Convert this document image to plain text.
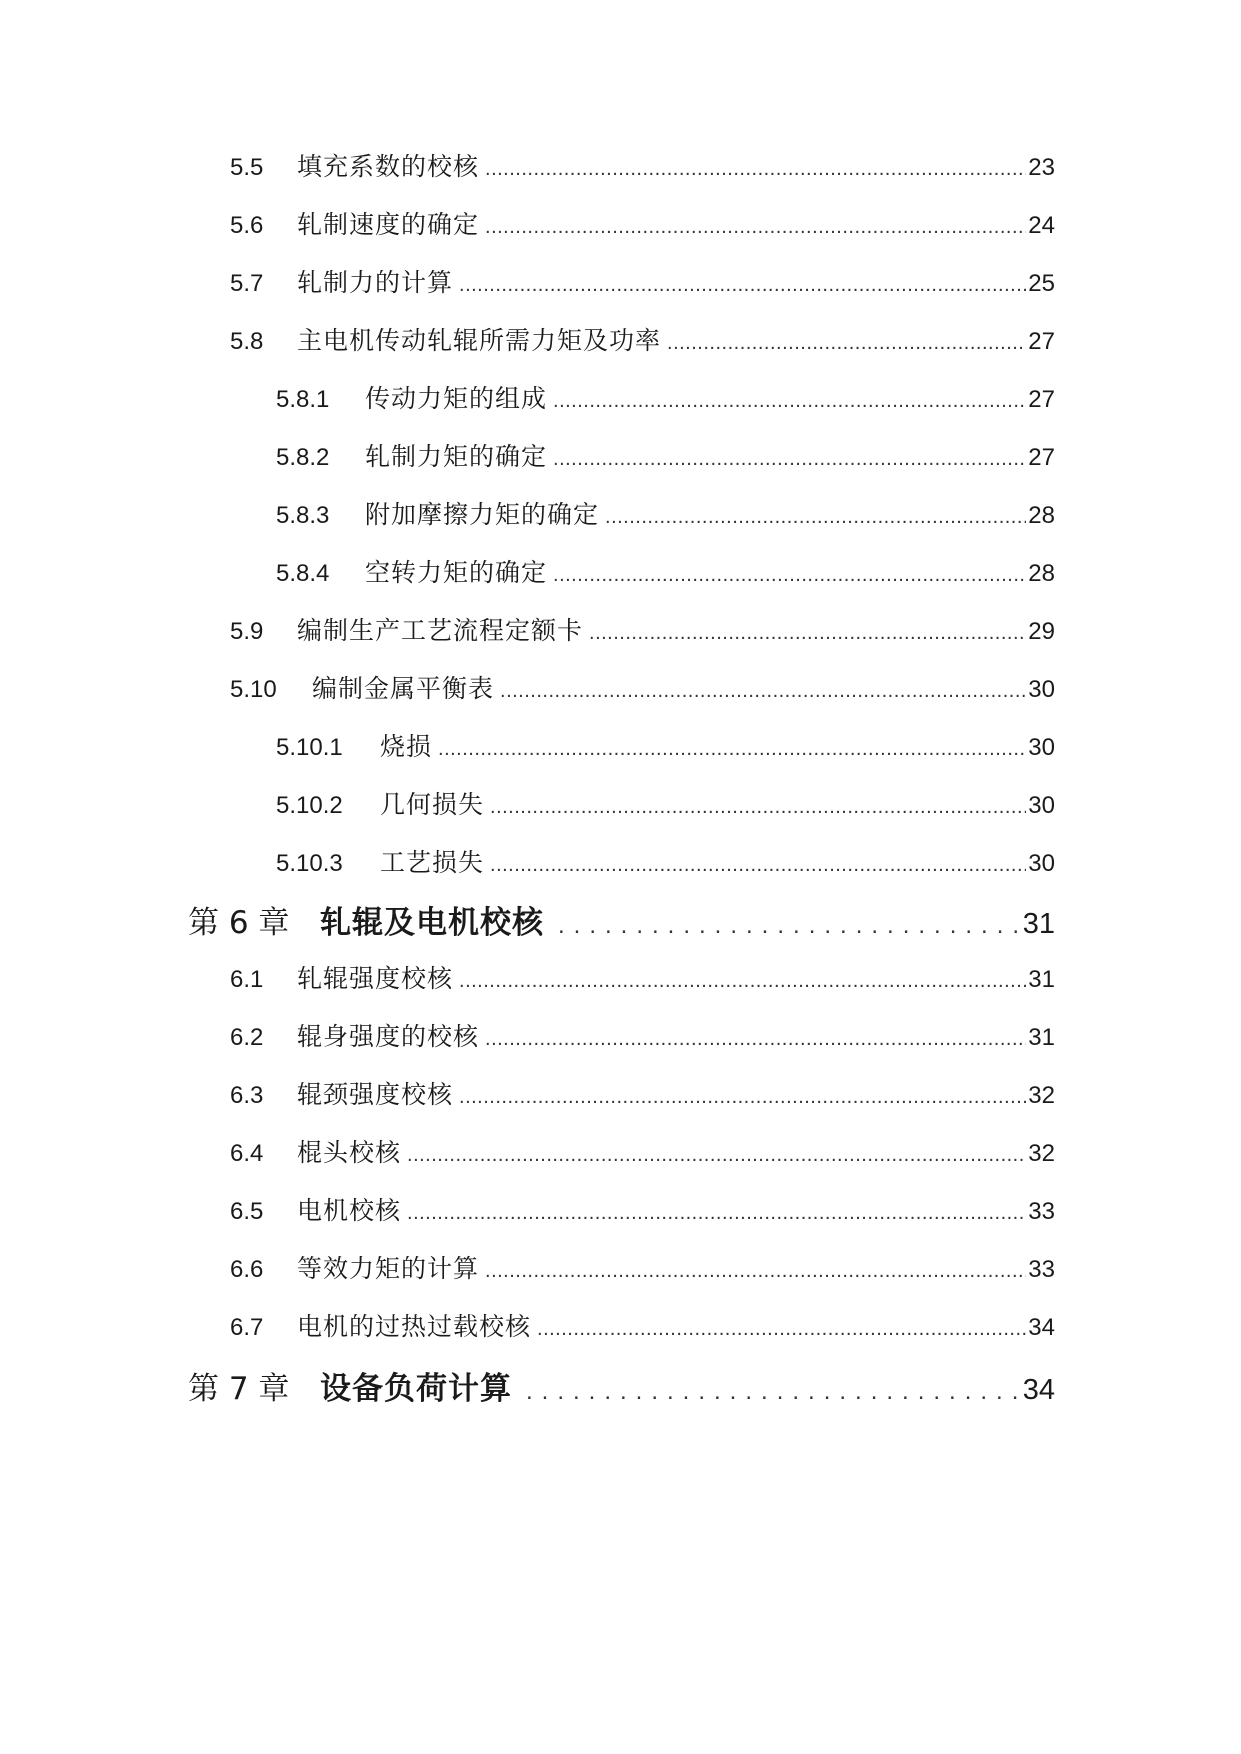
5.5	填充系数的校核 .....	23
5.6	轧制速度的确定 .....	24
5.7	轧制力的计算 .....	25
5.8	主电机传动轧辊所需力矩及功率 .....	27
5.8.1	传动力矩的组成 .....	27
5.8.2	轧制力矩的确定 .....	27
5.8.3	附加摩擦力矩的确定 .....	28
5.8.4	空转力矩的确定 .....	28
5.9	编制生产工艺流程定额卡 .....	29
5.10	编制金属平衡表 .....	30
5.10.1	烧损 .....	30
5.10.2	几何损失 .....	30
5.10.3	工艺损失 .....	30
第 6 章 轧辊及电机校核 .....	31
6.1	轧辊强度校核 .....	31
6.2	辊身强度的校核 .....	31
6.3	辊颈强度校核 .....	32
6.4	棍头校核 .....	32
6.5	电机校核 .....	33
6.6	等效力矩的计算 .....	33
6.7	电机的过热过载校核 .....	34
第 7 章 设备负荷计算 .....	34
